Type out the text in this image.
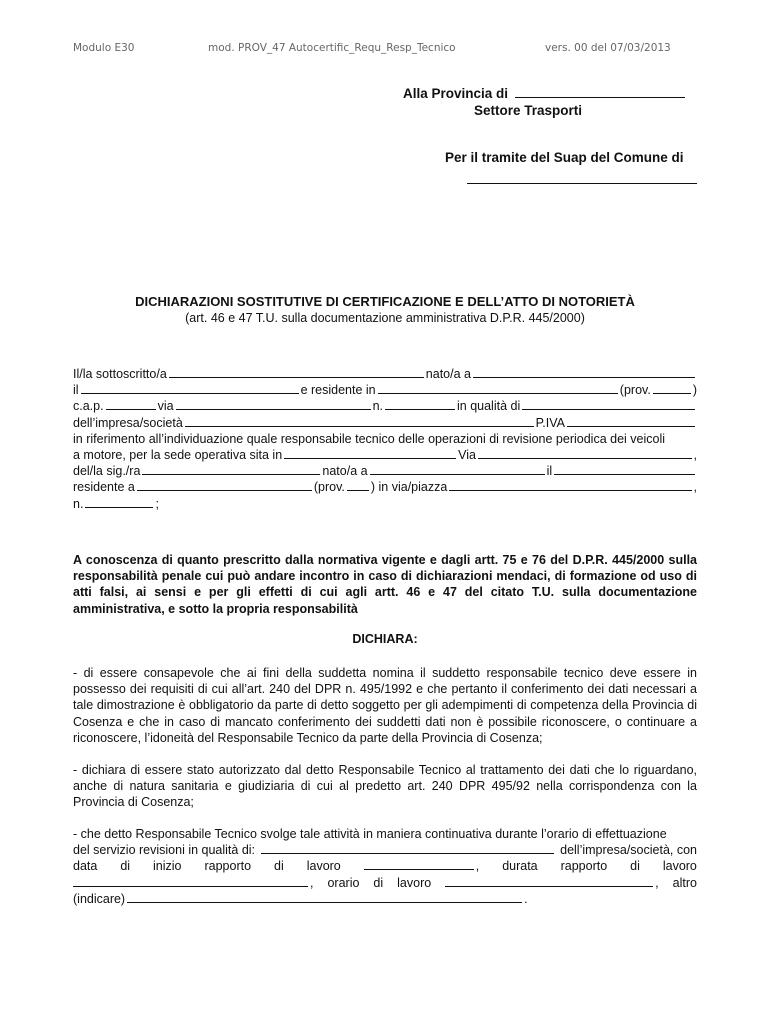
Modulo E30	mod. PROV_47 Autocertific_Requ_Resp_Tecnico	vers. 00 del 07/03/2013
Alla Provincia di
Settore Trasporti
Per il tramite del Suap del Comune di
DICHIARAZIONI SOSTITUTIVE DI CERTIFICAZIONE E DELL’ATTO DI NOTORIETÀ
(art. 46 e 47 T.U. sulla documentazione amministrativa D.P.R. 445/2000)
Il/la sottoscritto/a	nato/a a
il	e residente in	(prov.	)
c.a.p.	via	n.	in qualità di
dell’impresa/società	P.IVA
in riferimento all’individuazione quale responsabile tecnico delle operazioni di revisione periodica dei veicoli
a motore, per la sede operativa sita in	Via	,
del/la sig./ra	nato/a a	il
residente a	(prov. ) in via/piazza	,
n.	;
A conoscenza di quanto prescritto dalla normativa vigente e dagli artt. 75 e 76 del D.P.R. 445/2000 sulla responsabilità penale cui può andare incontro in caso di dichiarazioni mendaci, di formazione od uso di atti falsi, ai sensi e per gli effetti di cui agli artt. 46 e 47 del citato T.U. sulla documentazione amministrativa, e sotto la propria responsabilità
DICHIARA:
- di essere consapevole che ai fini della suddetta nomina il suddetto responsabile tecnico deve essere in possesso dei requisiti di cui all’art. 240 del DPR n. 495/1992 e che pertanto il conferimento dei dati necessari a tale dimostrazione è obbligatorio da parte di detto soggetto per gli adempimenti di competenza della Provincia di Cosenza e che in caso di mancato conferimento dei suddetti dati non è possibile riconoscere, o continuare a riconoscere, l’idoneità del Responsabile Tecnico da parte della Provincia di Cosenza;
- dichiara di essere stato autorizzato dal detto Responsabile Tecnico al trattamento dei dati che lo riguardano, anche di natura sanitaria e giudiziaria di cui al predetto art. 240 DPR 495/92 nella corrispondenza con la Provincia di Cosenza;
- che detto Responsabile Tecnico svolge tale attività in maniera continuativa durante l’orario di effettuazione
del servizio revisioni in qualità di:	dell’impresa/società, con
data di inizio rapporto di lavoro	, durata rapporto di lavoro
, orario di lavoro	, altro
(indicare)	.
